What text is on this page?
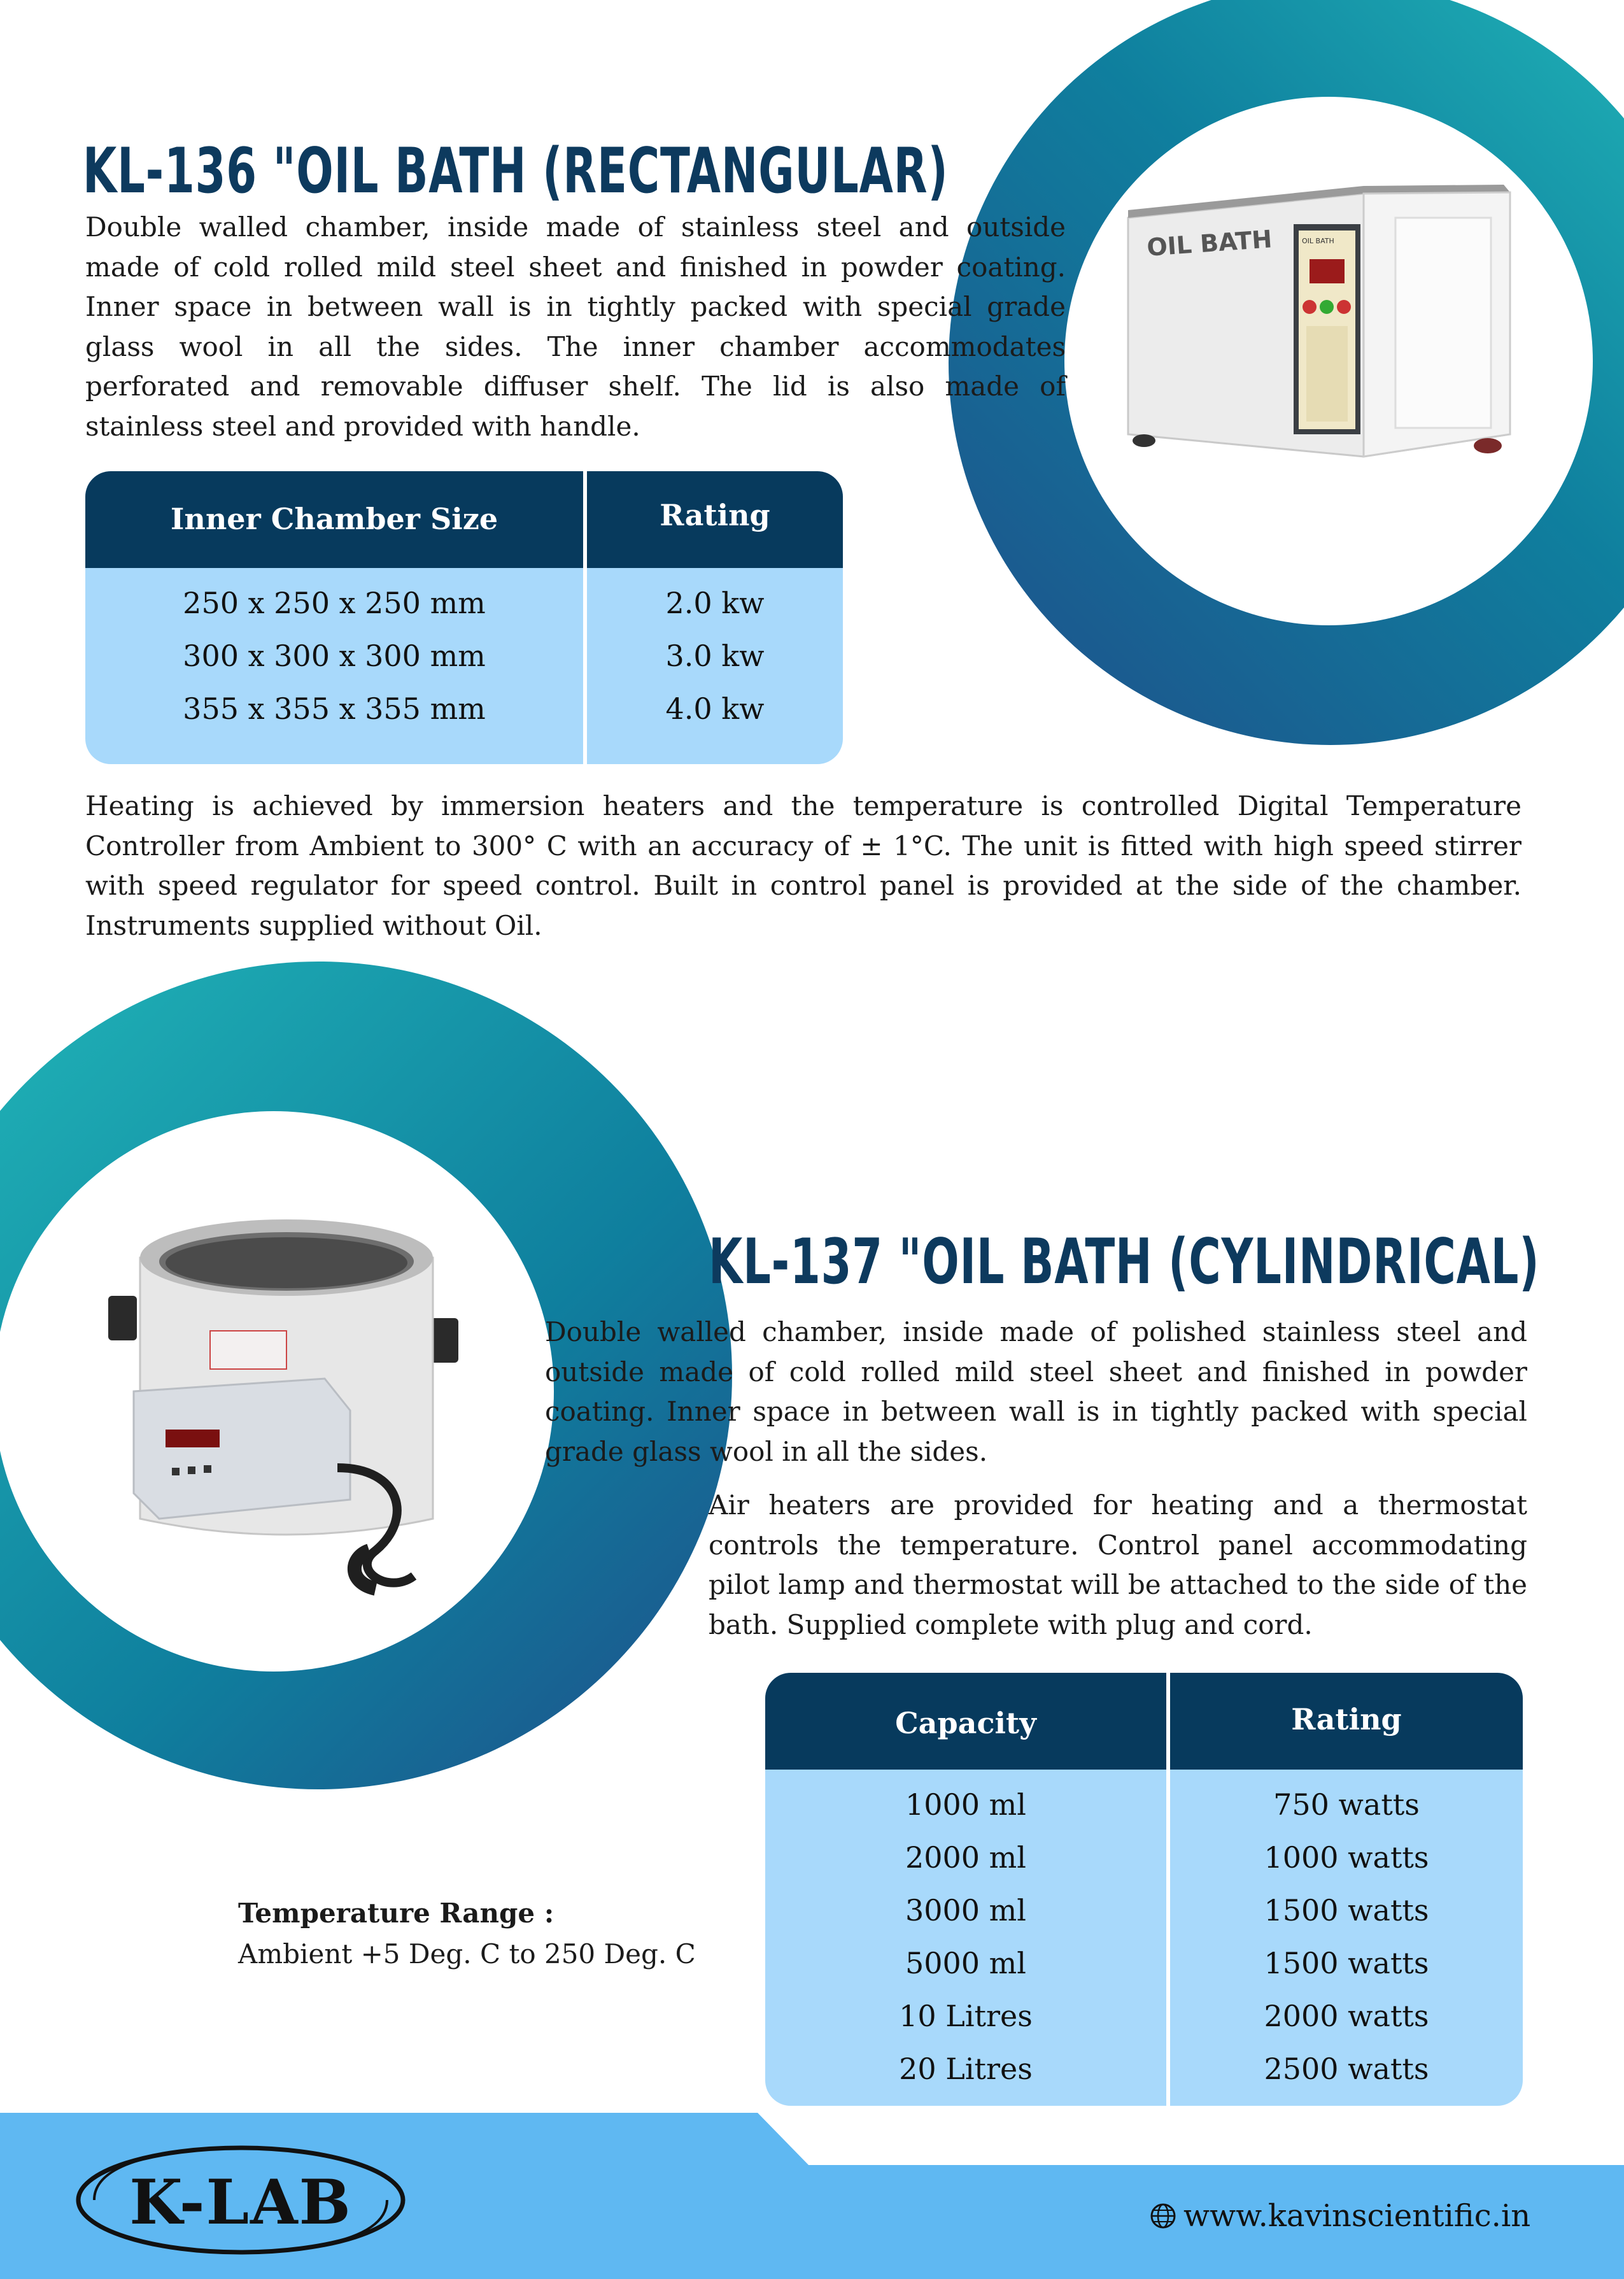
OIL BATH	OIL BATH
KL-136 "OIL BATH (RECTANGULAR)

Double walled chamber, inside made of stainless steel and outside made of cold rolled mild steel sheet and finished in powder coating. Inner space in between wall is in tightly packed with special grade glass wool in all the sides. The inner chamber accommodates perforated and removable diffuser shelf. The lid is also made of stainless steel and provided with handle.

Inner Chamber Size
250 x 250 x 250 mm
300 x 300 x 300 mm
355 x 355 x 355 mm
Rating
2.0 kw
3.0 kw
4.0 kw

Heating is achieved by immersion heaters and the temperature is controlled Digital Temperature Controller from Ambient to 300° C with an accuracy of ± 1°C. The unit is fitted with high speed stirrer with speed regulator for speed control. Built in control panel is provided at the side of the chamber. Instruments supplied without Oil.

KL-137 "OIL BATH (CYLINDRICAL)

Double walled chamber, inside made of polished stainless steel and outside made of cold rolled mild steel sheet and finished in powder coating. Inner space in between wall is in tightly packed with special grade glass wool in all the sides.

Air heaters are provided for heating and a thermostat controls the temperature. Control panel accommodating pilot lamp and thermostat will be attached to the side of the bath. Supplied complete with plug and cord.

Temperature Range :
Ambient +5 Deg. C to 250 Deg. C
Capacity
1000 ml
2000 ml
3000 ml
5000 ml
10 Litres
20 Litres
Rating
750 watts
1000 watts
1500 watts
1500 watts
2000 watts
2500 watts
K-LAB	www.kavinscientific.in
